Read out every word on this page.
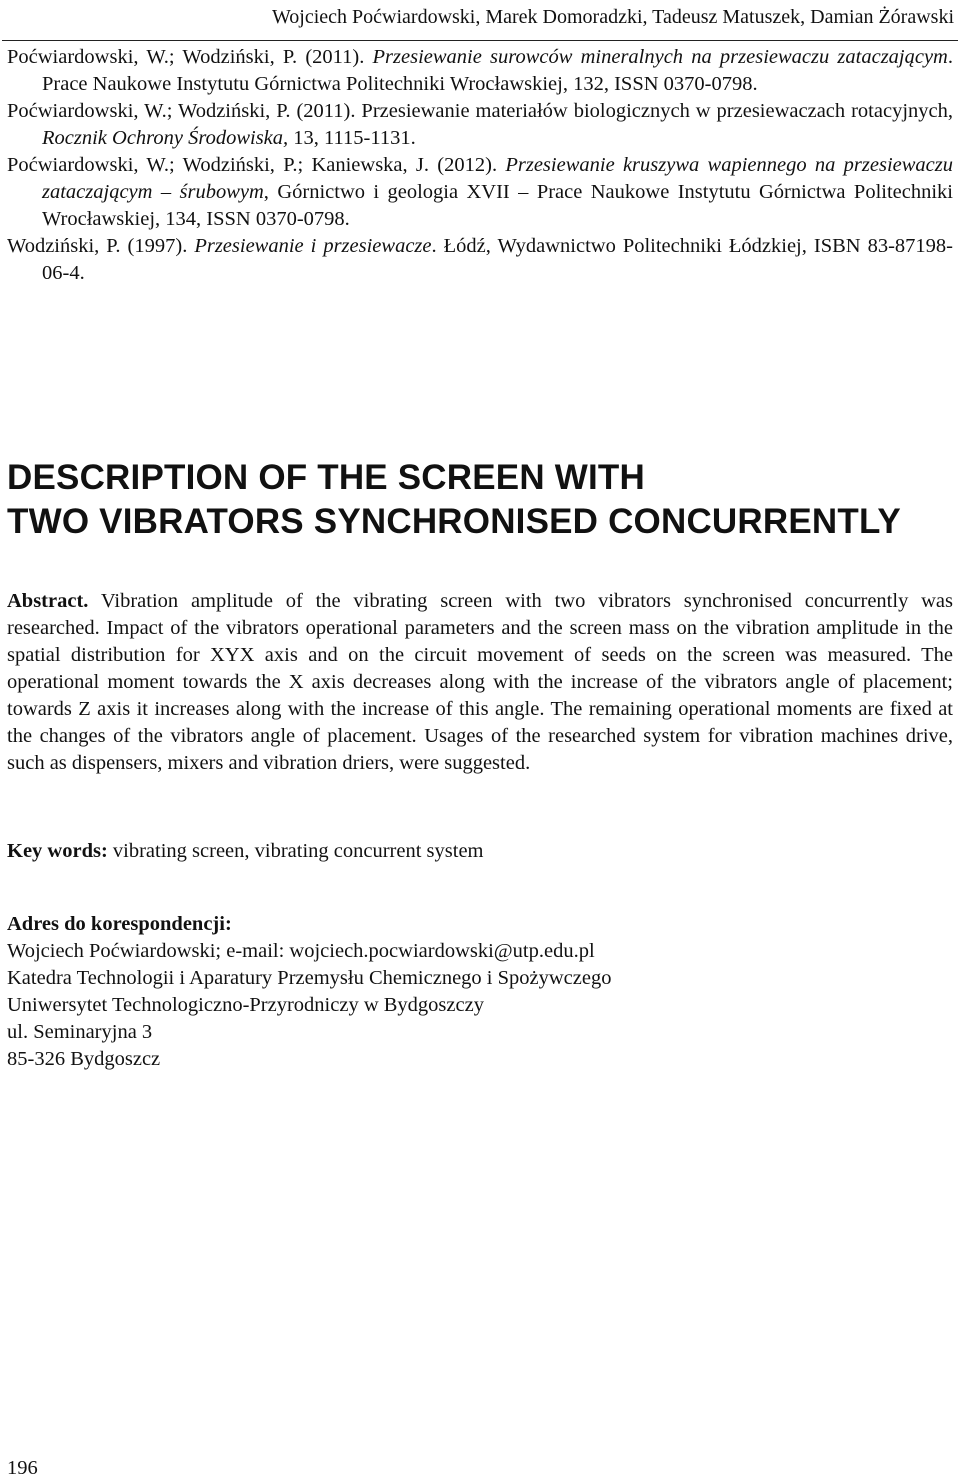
Wojciech Poćwiardowski, Marek Domoradzki, Tadeusz Matuszek, Damian Żórawski

Poćwiardowski, W.; Wodziński, P. (2011). Przesiewanie surowców mineralnych na przesiewaczu zataczającym. Prace Naukowe Instytutu Górnictwa Politechniki Wrocławskiej, 132, ISSN 0370-0798.

Poćwiardowski, W.; Wodziński, P. (2011). Przesiewanie materiałów biologicznych w przesiewaczach rotacyjnych, Rocznik Ochrony Środowiska, 13, 1115-1131.

Poćwiardowski, W.; Wodziński, P.; Kaniewska, J. (2012). Przesiewanie kruszywa wapiennego na przesiewaczu zataczającym – śrubowym, Górnictwo i geologia XVII – Prace Naukowe Instytutu Górnictwa Politechniki Wrocławskiej, 134, ISSN 0370-0798.

Wodziński, P. (1997). Przesiewanie i przesiewacze. Łódź, Wydawnictwo Politechniki Łódzkiej, ISBN 83-87198-06-4.

DESCRIPTION OF THE SCREEN WITH
TWO VIBRATORS SYNCHRONISED CONCURRENTLY

Abstract. Vibration amplitude of the vibrating screen with two vibrators synchronised concurrently was researched. Impact of the vibrators operational parameters and the screen mass on the vibration amplitude in the spatial distribution for XYX axis and on the circuit movement of seeds on the screen was measured. The operational moment towards the X axis decreases along with the increase of the vibrators angle of placement; towards Z axis it increases along with the increase of this angle. The remaining operational moments are fixed at the changes of the vibrators angle of placement. Usages of the researched system for vibration machines drive, such as dispensers, mixers and vibration driers, were suggested.

Key words: vibrating screen, vibrating concurrent system

Adres do korespondencji:
Wojciech Poćwiardowski; e-mail: wojciech.pocwiardowski@utp.edu.pl
Katedra Technologii i Aparatury Przemysłu Chemicznego i Spożywczego
Uniwersytet Technologiczno-Przyrodniczy w Bydgoszczy
ul. Seminaryjna 3
85-326 Bydgoszcz
196
